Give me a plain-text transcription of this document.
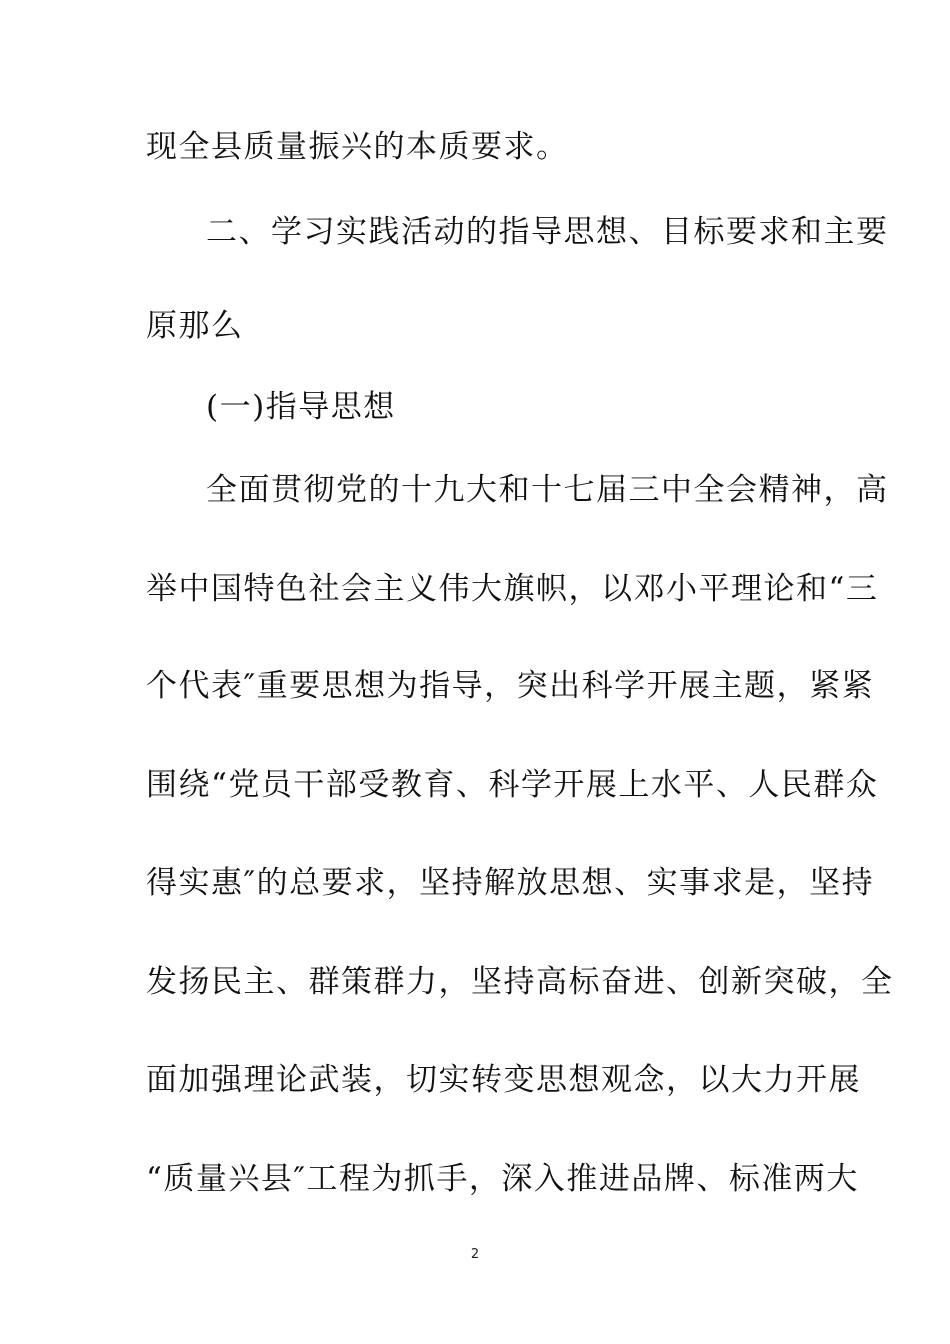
现全县质量振兴的本质要求。
二、学习实践活动的指导思想、目标要求和主要
原那么
(一)指导思想
全面贯彻党的十九大和十七届三中全会精神，高
举中国特色社会主义伟大旗帜，以邓小平理论和“三
个代表″重要思想为指导，突出科学开展主题，紧紧
围绕“党员干部受教育、科学开展上水平、人民群众
得实惠″的总要求，坚持解放思想、实事求是，坚持
发扬民主、群策群力，坚持高标奋进、创新突破，全
面加强理论武装，切实转变思想观念，以大力开展
“质量兴县″工程为抓手，深入推进品牌、标准两大
2
